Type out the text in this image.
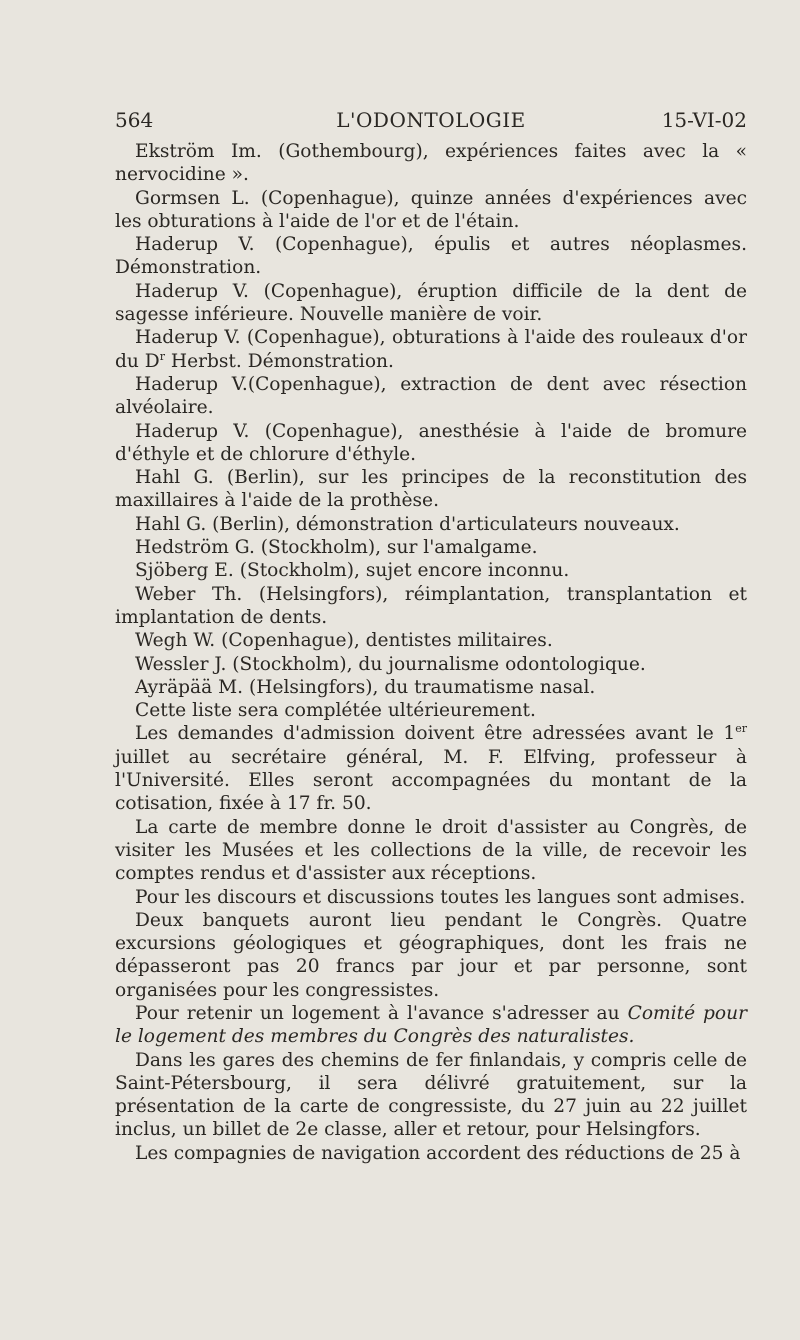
564	L'ODONTOLOGIE	15-VI-02

Ekström Im. (Gothembourg), expériences faites avec la « nervocidine ».

Gormsen L. (Copenhague), quinze années d'expériences avec les obturations à l'aide de l'or et de l'étain.

Haderup V. (Copenhague), épulis et autres néoplasmes. Démonstration.

Haderup V. (Copenhague), éruption difficile de la dent de sagesse inférieure. Nouvelle manière de voir.

Haderup V. (Copenhague), obturations à l'aide des rouleaux d'or du $D^r$ Herbst. Démonstration.

Haderup V.(Copenhague), extraction de dent avec résection alvéolaire.

Haderup V. (Copenhague), anesthésie à l'aide de bromure d'éthyle et de chlorure d'éthyle.

Hahl G. (Berlin), sur les principes de la reconstitution des maxillaires à l'aide de la prothèse.

Hahl G. (Berlin), démonstration d'articulateurs nouveaux.

Hedström G. (Stockholm), sur l'amalgame.

Sjöberg E. (Stockholm), sujet encore inconnu.

Weber Th. (Helsingfors), réimplantation, transplantation et implantation de dents.

Wegh W. (Copenhague), dentistes militaires.

Wessler J. (Stockholm), du journalisme odontologique.

Ayräpää M. (Helsingfors), du traumatisme nasal.

Cette liste sera complétée ultérieurement.

Les demandes d'admission doivent être adressées avant le 1er juillet au secrétaire général, M. F. Elfving, professeur à l'Université. Elles seront accompagnées du montant de la cotisation, fixée à 17 fr. 50.

La carte de membre donne le droit d'assister au Congrès, de visiter les Musées et les collections de la ville, de recevoir les comptes rendus et d'assister aux réceptions.

Pour les discours et discussions toutes les langues sont admises.

Deux banquets auront lieu pendant le Congrès. Quatre excursions géologiques et géographiques, dont les frais ne dépasseront pas 20 francs par jour et par personne, sont organisées pour les congressistes.

Pour retenir un logement à l'avance s'adresser au Comité pour le logement des membres du Congrès des naturalistes.

Dans les gares des chemins de fer finlandais, y compris celle de Saint-Pétersbourg, il sera délivré gratuitement, sur la présentation de la carte de congressiste, du 27 juin au 22 juillet inclus, un billet de 2e classe, aller et retour, pour Helsingfors.

Les compagnies de navigation accordent des réductions de 25 à
